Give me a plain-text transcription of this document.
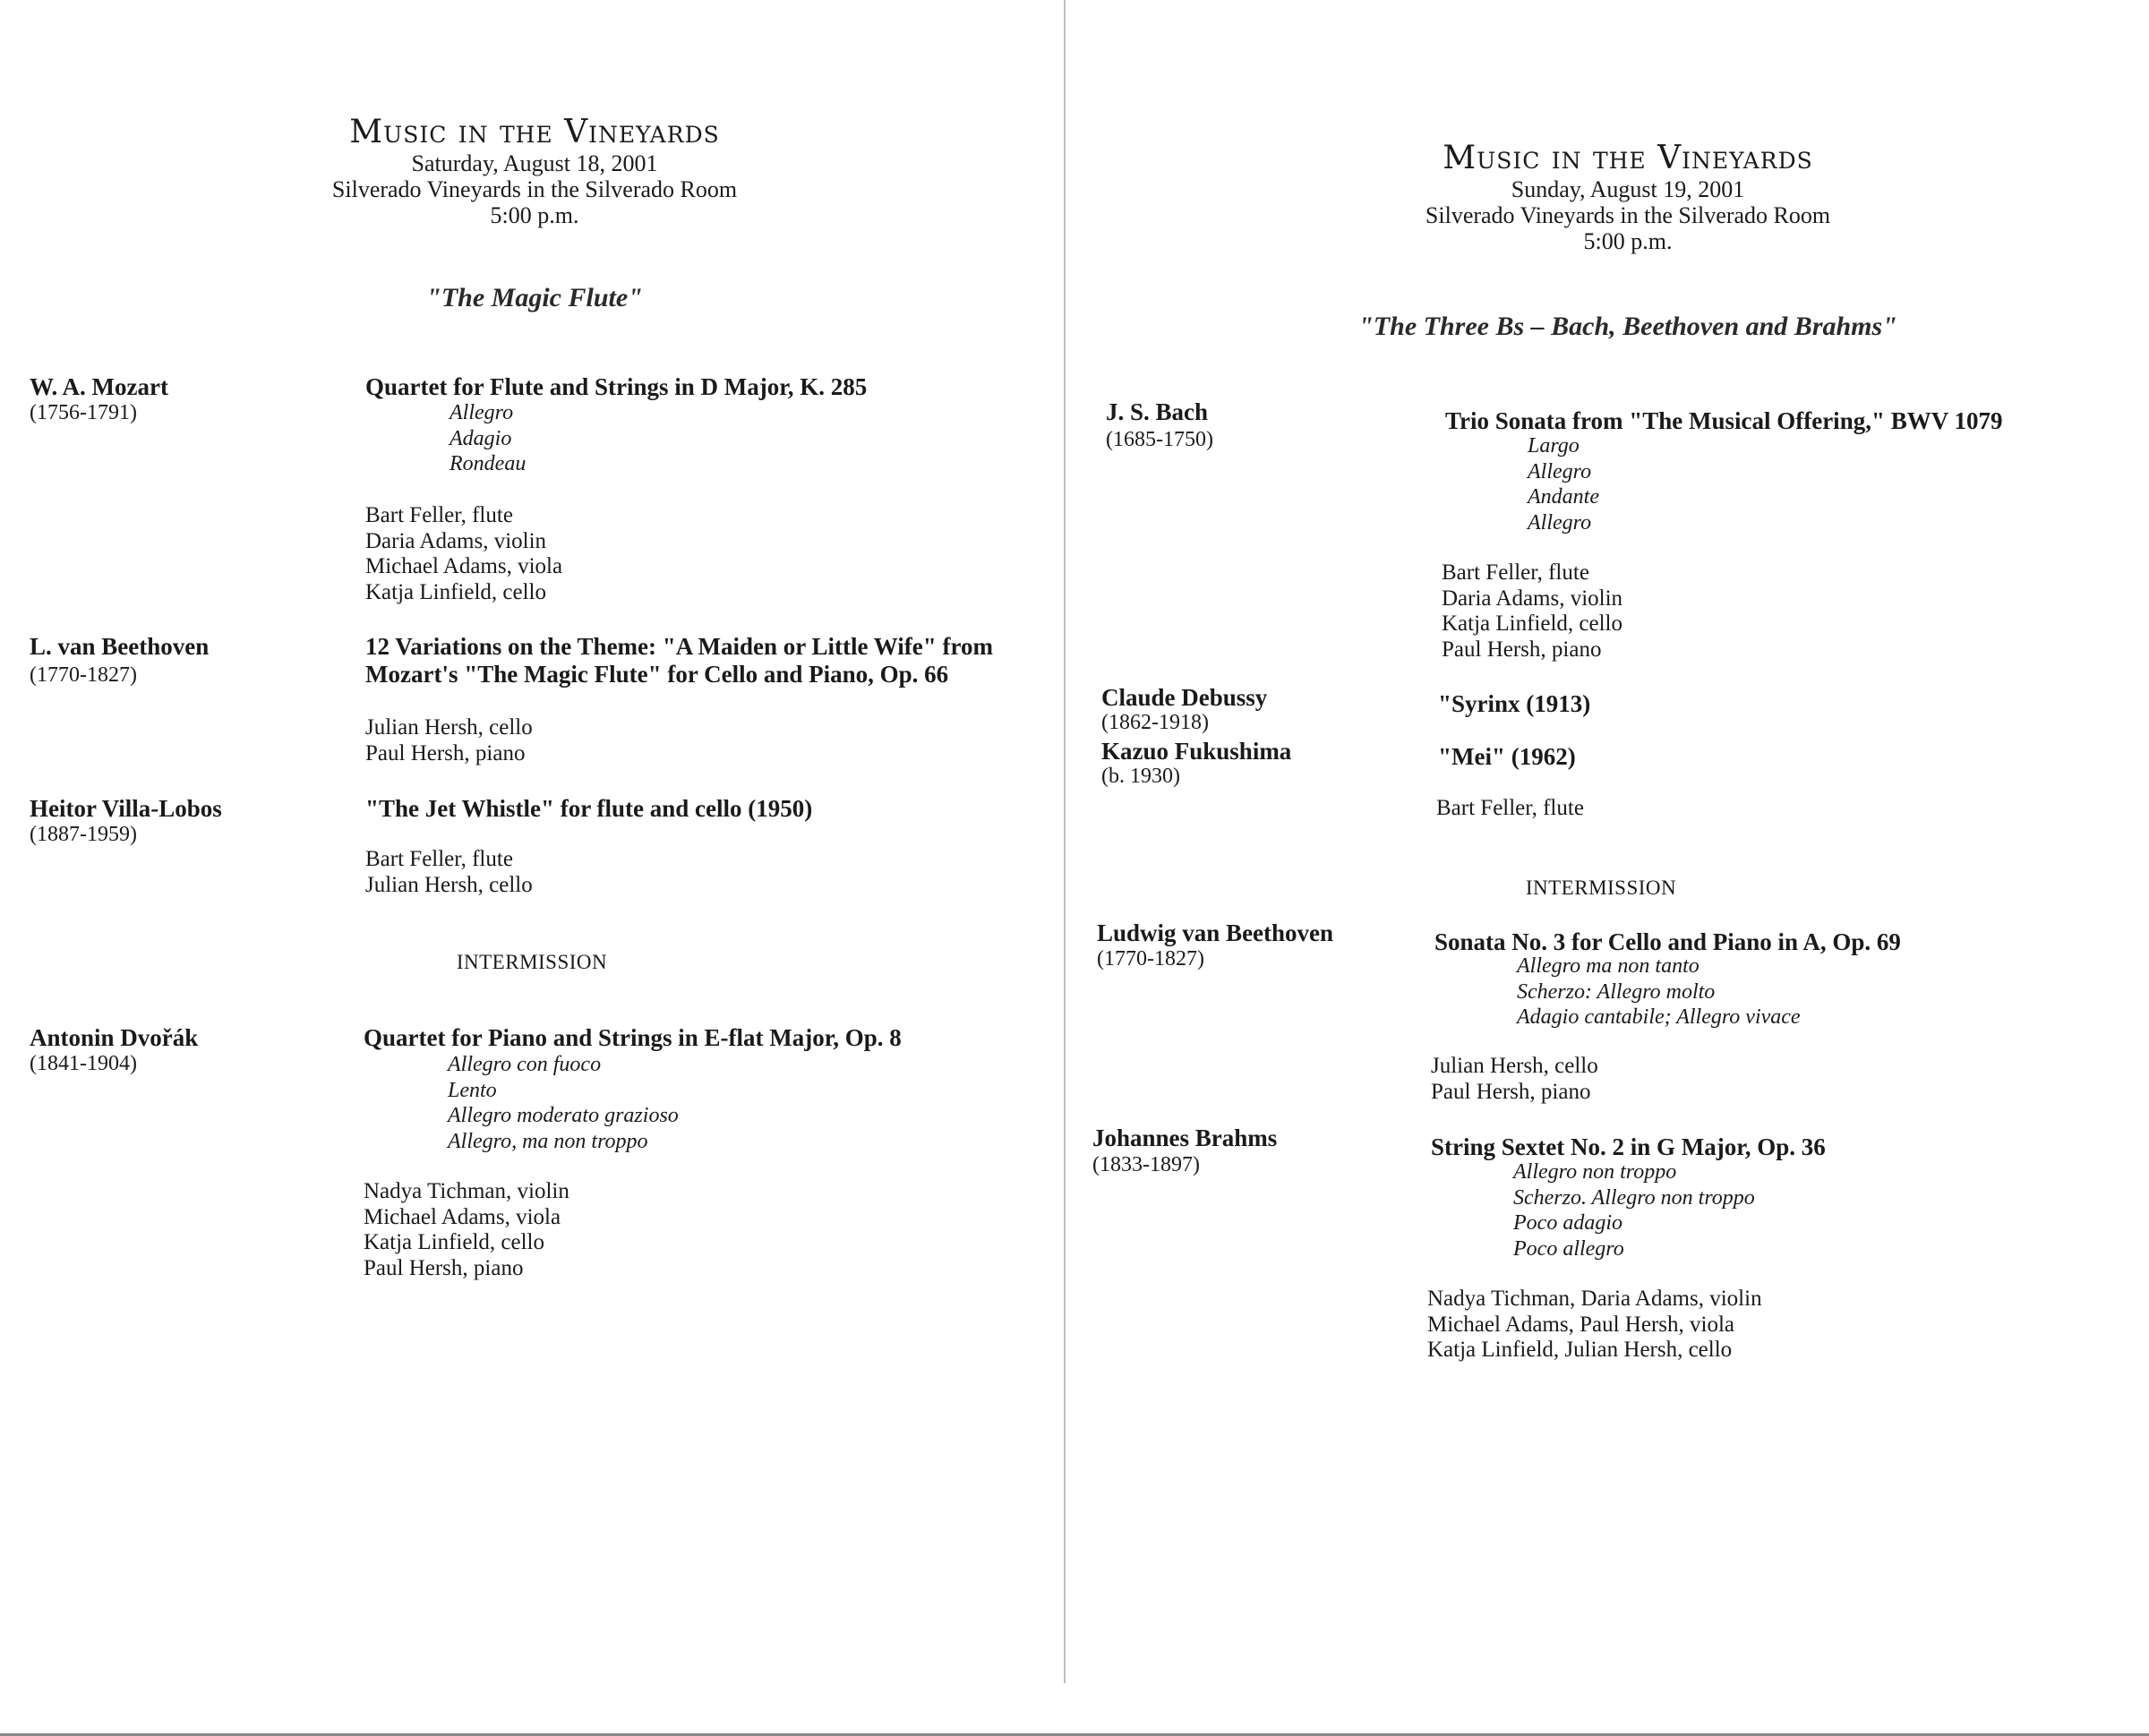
Music in the Vineyards
Saturday, August 18, 2001
Silverado Vineyards in the Silverado Room
5:00 p.m.
"The Magic Flute"
W. A. Mozart
(1756-1791)
Quartet for Flute and Strings in D Major, K. 285
Allegro
Adagio
Rondeau
Bart Feller, flute
Daria Adams, violin
Michael Adams, viola
Katja Linfield, cello
L. van Beethoven
(1770-1827)
12 Variations on the Theme: "A Maiden or Little Wife" from
Mozart's "The Magic Flute" for Cello and Piano, Op. 66
Julian Hersh, cello
Paul Hersh, piano
Heitor Villa-Lobos
(1887-1959)
"The Jet Whistle" for flute and cello (1950)
Bart Feller, flute
Julian Hersh, cello
INTERMISSION
Antonin Dvořák
(1841-1904)
Quartet for Piano and Strings in E-flat Major, Op. 8
Allegro con fuoco
Lento
Allegro moderato grazioso
Allegro, ma non troppo
Nadya Tichman, violin
Michael Adams, viola
Katja Linfield, cello
Paul Hersh, piano
Music in the Vineyards
Sunday, August 19, 2001
Silverado Vineyards in the Silverado Room
5:00 p.m.
"The Three Bs – Bach, Beethoven and Brahms"
J. S. Bach
(1685-1750)
Trio Sonata from "The Musical Offering," BWV 1079
Largo
Allegro
Andante
Allegro
Bart Feller, flute
Daria Adams, violin
Katja Linfield, cello
Paul Hersh, piano
Claude Debussy
(1862-1918)
"Syrinx (1913)
Kazuo Fukushima
(b. 1930)
"Mei" (1962)
Bart Feller, flute
INTERMISSION
Ludwig van Beethoven
(1770-1827)
Sonata No. 3 for Cello and Piano in A, Op. 69
Allegro ma non tanto
Scherzo: Allegro molto
Adagio cantabile; Allegro vivace
Julian Hersh, cello
Paul Hersh, piano
Johannes Brahms
(1833-1897)
String Sextet No. 2 in G Major, Op. 36
Allegro non troppo
Scherzo. Allegro non troppo
Poco adagio
Poco allegro
Nadya Tichman, Daria Adams, violin
Michael Adams, Paul Hersh, viola
Katja Linfield, Julian Hersh, cello
